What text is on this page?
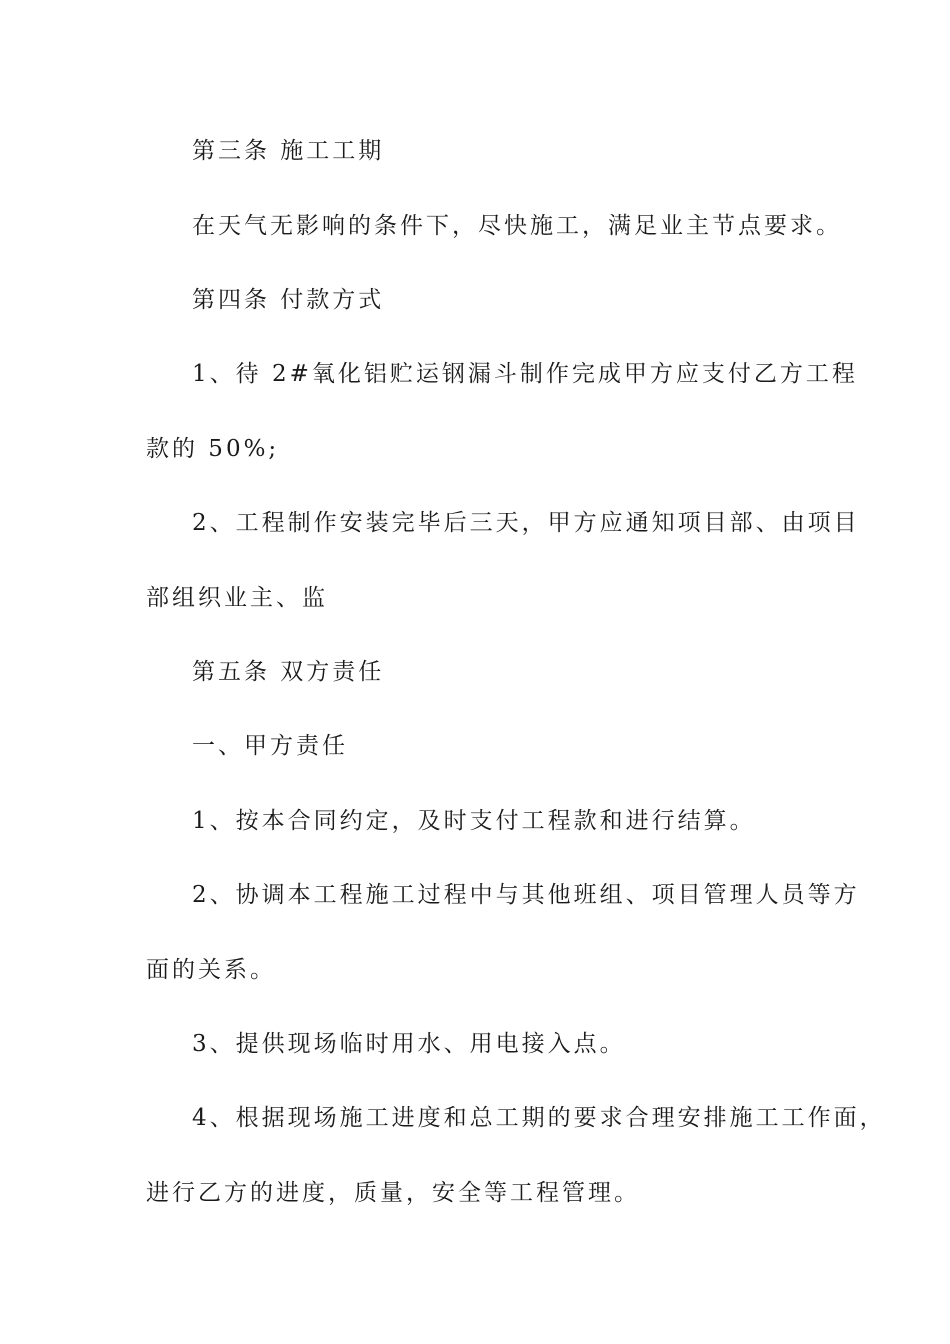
第三条 施工工期
在天气无影响的条件下，尽快施工，满足业主节点要求。
第四条 付款方式
1、待 2#氧化铝贮运钢漏斗制作完成甲方应支付乙方工程
款的 50%;
2、工程制作安装完毕后三天，甲方应通知项目部、由项目
部组织业主、监
第五条 双方责任
一、甲方责任
1、按本合同约定，及时支付工程款和进行结算。
2、协调本工程施工过程中与其他班组、项目管理人员等方
面的关系。
3、提供现场临时用水、用电接入点。
4、根据现场施工进度和总工期的要求合理安排施工工作面，
进行乙方的进度，质量，安全等工程管理。
